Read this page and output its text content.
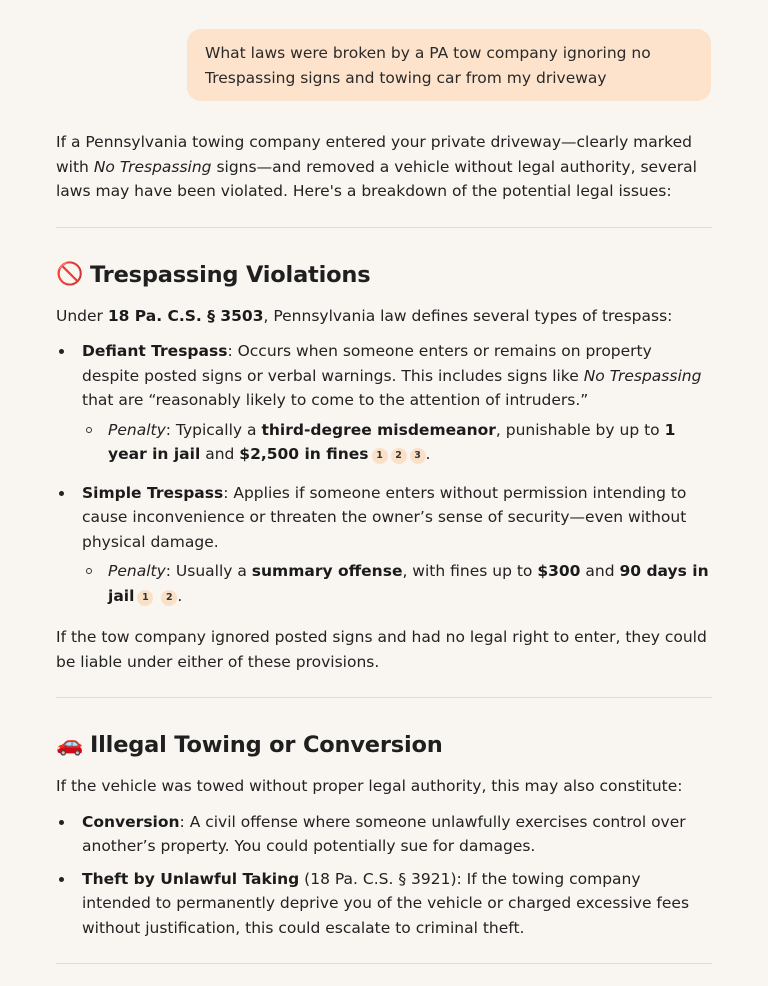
What laws were broken by a PA tow company ignoring no
Trespassing signs and towing car from my driveway

If a Pennsylvania towing company entered your private driveway—clearly marked with No Trespassing signs—and removed a vehicle without legal authority, several laws may have been violated. Here's a breakdown of the potential legal issues:

🚫 Trespassing Violations

Under 18 Pa. C.S. § 3503, Pennsylvania law defines several types of trespass:

Defiant Trespass: Occurs when someone enters or remains on property despite posted signs or verbal warnings. This includes signs like No Trespassing that are “reasonably likely to come to the attention of intruders.”
Penalty: Typically a third-degree misdemeanor, punishable by up to 1 year in jail and $2,500 in fines 1 2 3 .
Simple Trespass: Applies if someone enters without permission intending to cause inconvenience or threaten the owner’s sense of security—even without physical damage.
Penalty: Usually a summary offense, with fines up to $300 and 90 days in jail 1 2 .

If the tow company ignored posted signs and had no legal right to enter, they could be liable under either of these provisions.

🚗 Illegal Towing or Conversion

If the vehicle was towed without proper legal authority, this may also constitute:

Conversion: A civil offense where someone unlawfully exercises control over another’s property. You could potentially sue for damages.
Theft by Unlawful Taking (18 Pa. C.S. § 3921): If the towing company intended to permanently deprive you of the vehicle or charged excessive fees without justification, this could escalate to criminal theft.
